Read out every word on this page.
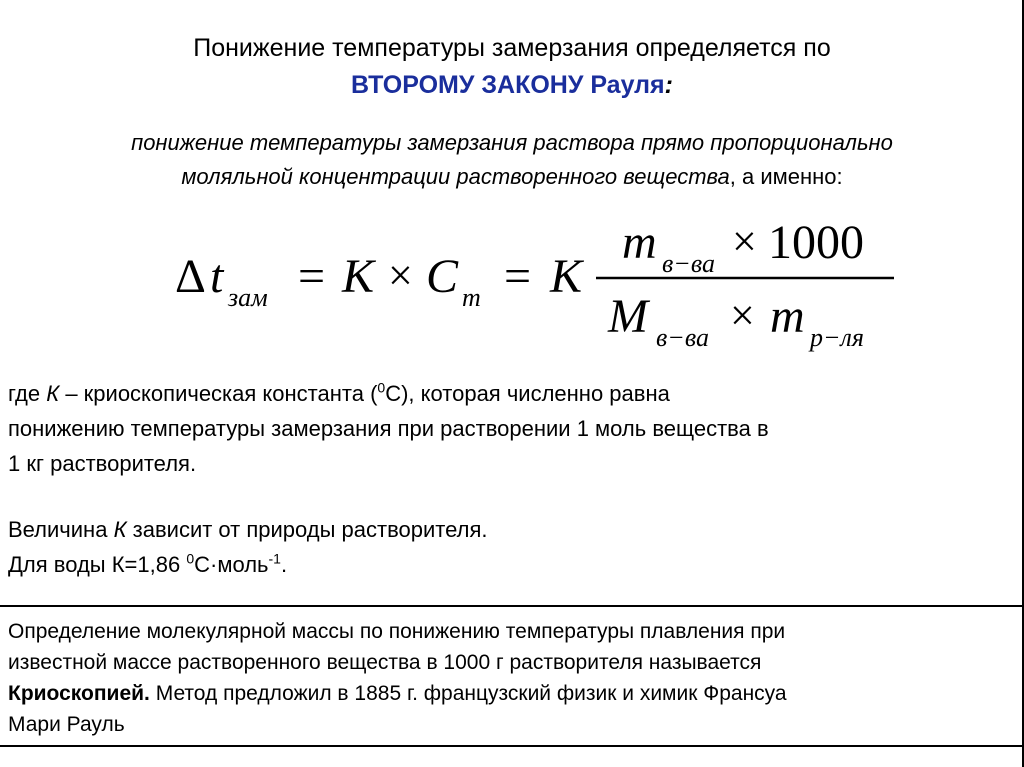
Понижение температуры замерзания определяется по
ВТОРОМУ ЗАКОНУ Рауля:
понижение температуры замерзания раствора прямо пропорционально
моляльной концентрации растворенного вещества, а именно:
Δ t зам = К × C m = К
m в−ва × 1000
M в−ва × m р−ля
где К – криоскопическая константа ($^0$С), которая численно равна
понижению температуры замерзания при растворении 1 моль вещества в
1 кг растворителя.
Величина К зависит от природы растворителя.
Для воды К=1,86 $^0$С·моль$^{-1}$.
Определение молекулярной массы по понижению температуры плавления при
известной массе растворенного вещества в 1000 г растворителя называется
Криоскопией. Метод предложил в 1885 г. французский физик и химик Франсуа
Мари Рауль
